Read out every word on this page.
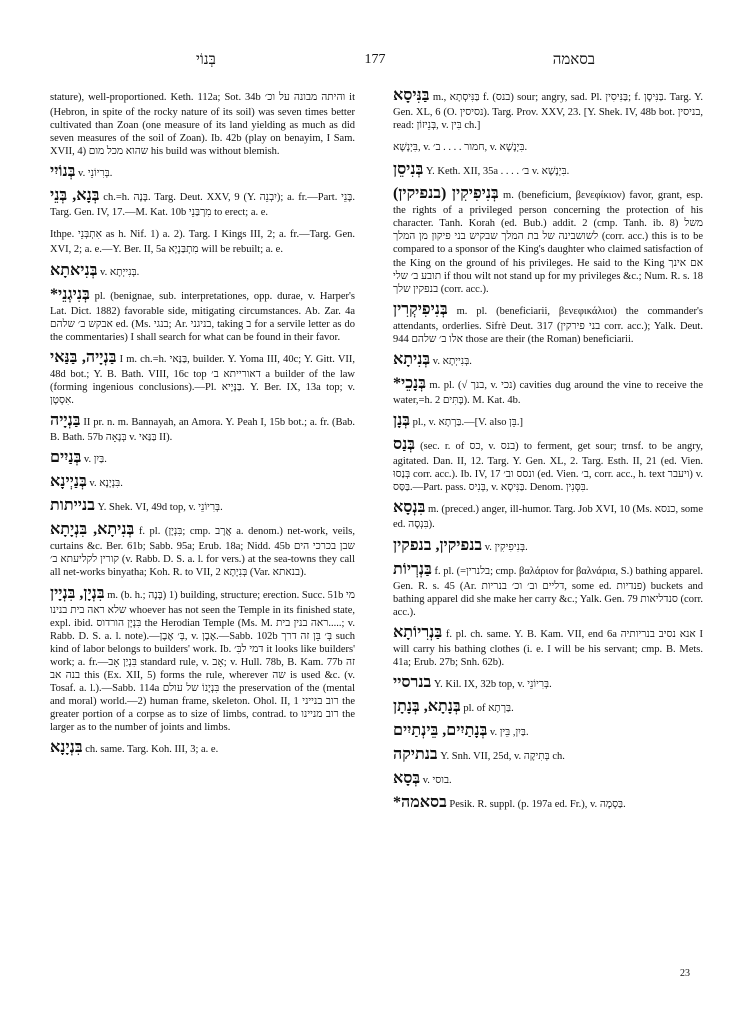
177
בְּנוֹי	בסאמה

stature), well-proportioned. Keth. 112a; Sot. 34b והיתה מבונה על וכ׳ it (Hebron, in spite of the rocky nature of its soil) was seven times better cultivated than Zoan (one measure of its land yielding as much as did seven measures of the soil of Zoan). Ib. 42b (play on benayim, I Sam. XVII, 4) שהוא מכל מום his build was without blemish.

בְּנוֹיִי v. בְּרִיוֹנֵי.

בְּנָא, בְּנֵי ch.=h. בָּנָה. Targ. Deut. XXV, 9 (Y. יִבְנֵה); a. fr.—Part. בָּנֵי. Targ. Gen. IV, 17.—M. Kat. 10b מִרְבַּנֵי to erect; a. e.

Ithpe. אִתְבְּנֵי as h. Nif. 1) a. 2). Targ. I Kings III, 2; a. fr.—Targ. Gen. XVI, 2; a. e.—Y. Ber. II, 5a מִתְבַּנְיָא will be rebuilt; a. e.

בְּנִיאתָא v. בְּנִייְתָא.

*בְּנִיגְנֵי pl. (benignae, sub. interpretationes, opp. durae, v. Harper's Lat. Dict. 1882) favorable side, mitigating circumstances. Ab. Zar. 4a אבקש ב׳ שלהם ed. (Ms. בנגי; Ar. בניגני, taking ב for a servile letter as do the commentaries) I shall search for what can be found in their favor.

בַּנְיָיה, בַּנַּאי I m. ch.=h. בַּנַּאי, builder. Y. Yoma III, 40c; Y. Gitt. VII, 48d bot.; Y. B. Bath. VIII, 16c top דאורייתא ב׳ a builder of the law (forming ingenious conclusions).—Pl. בַּנָּיָיא. Y. Ber. IX, 13a top; v. אִסְטָן.

בַּנְיָיה II pr. n. m. Bannayah, an Amora. Y. Peah I, 15b bot.; a. fr. (Bab. B. Bath. 57b בְּנָאָה v. בַּנַּאי II).

בְּנַיִים v. בַּיִן.

בְּנַיְינָא v. בִּנְיָנָא.

בנייתות Y. Shek. VI, 49d top, v. בְּרִיוֹנֵי.

בְּנִיתָא, בִּנְיָתָא f. pl. (בִּנְיָן; cmp. אֲרָב a. denom.) net-work, veils, curtains &c. Ber. 61b; Sabb. 95a; Erub. 18a; Nidd. 45b שבן בכרכי הים קורין לקליעתא ב׳ (v. Rabb. D. S. a. l. for vers.) at the sea-towns they call all net-works binyatha; Koh. R. to VII, 2 בְּנִיָתָא (Var. בנאתא).

בִּנְיָן, בִּנְיָין m. (b. h.; בָּנָה) 1) building, structure; erection. Succ. 51b מי שלא ראה בית בנינו whoever has not seen the Temple in its finished state, expl. ibid. בִּנְיָן הורדוס the Herodian Temple (Ms. M. ראה בנין בית.....; v. Rabb. D. S. a. l. note).—בְּ׳ אֶבֶן, v. אֶבֶן.—Sabb. 102b בְּ׳ בֵּן זה דרך such kind of labor belongs to builders' work. Ib. דמי לבִּ׳ it looks like builders' work; a. fr.—בִּנְיַן אָב standard rule, v. אָב; v. Hull. 78b, B. Kam. 77b זה בנה אב this (Ex. XII, 5) forms the rule, wherever שה is used &c. (v. Tosaf. a. l.).—Sabb. 114a בִּנְיָנוֹ של עולם the preservation of the (mental and moral) world.—2) human frame, skeleton. Ohol. II, 1 רוב בנייני the greater portion of a corpse as to size of limbs, contrad. to רוב מניינו the larger as to the number of joints and limbs.

בִּנְיָנָא ch. same. Targ. Koh. III, 3; a. e.

בַּנִּיסָא m., בַּנִּיסְתָא f. (בנס) sour; angry, sad. Pl. בַּנִּיסִין; f. בַּנִּיסָן. Targ. Y. Gen. XL, 6 (O. נסיסין). Targ. Prov. XXV, 23. [Y. Shek. IV, 48b bot. בניסין, read: בְּנֵיזוֹן, v. בִּין ch.]

בִּיְנָשָׁא, v. חמור . . . . ב׳, v. בִּיְנָשָׁא.

בְּנִיסֵן Y. Keth. XII, 35a . . . . ב׳ v. בִּיְנָשָׁא.

בְּנִיפִיקִין (בנפיקין) m. (beneficium, βενεφίκιον) favor, grant, esp. the rights of a privileged person concerning the protection of his character. Tanh. Korah (ed. Bub.) addit. 2 (cmp. Tanh. ib. 8) משל לשושבינה של בת המלך שבקיש בני פיקון מן המלך (corr. acc.) this is to be compared to a sponsor of the King's daughter who claimed satisfaction of the King on the ground of his privileges. He said to the King אם אינך תובע ב׳ שלי if thou wilt not stand up for my privileges &c.; Num. R. s. 18 בנפקין שלך (corr. acc.).

בְּנִיפִיקְרִין m. pl. (beneficiarii, βενεφικάλιοι) the commander's attendants, orderlies. Sifrè Deut. 317 (בני פירקין corr. acc.); Yalk. Deut. 944 אלו ב׳ שלהם those are their (the Roman) beneficiarii.

בְּנִיתָא v. בְּנִייְתָא.

*בְּנָכֵי m. pl. (√ בנך, v. נכי) cavities dug around the vine to receive the water,=h. בָּתִּים 2). M. Kat. 4b.

בְּנָן pl., v. בַּרְתָא.—[V. also בֵּן.]

בְּנַס (sec. r. of כס, v. בנס) to ferment, get sour; trnsf. to be angry, agitated. Dan. II, 12. Targ. Y. Gen. XL, 2. Targ. Esth. II, 21 (ed. Vien. בְּנַסוּ corr. acc.). Ib. IV, 17 ונסס וב׳ (ed. Vien. ב׳, corr. acc., h. text ויעבר) v. בַּסַּס.—Part. pass. בְּנִיס, v. בַּנִּיסָא. Denom. בִּסְּנִין.

בִּנְסָא m. (preced.) anger, ill-humor. Targ. Job XVI, 10 (Ms. כנסא, some ed. בִּנְסָה).

בנפיקין, בנפקין v. בְּנִיפִיקִין.

בַּנְרְיוֹת f. pl. (=בלנרין; cmp. βαλάριον for βαλνάρια, S.) bathing apparel. Gen. R. s. 45 (Ar. דליים וב׳ וכ׳ בנריות, some ed. פנדיות) buckets and bathing apparel did she make her carry &c.; Yalk. Gen. 79 סנדליאות (corr. acc.).

בַּנְרִיוֹתָא f. pl. ch. same. Y. B. Kam. VII, end 6a אנא נסיב בנריותיה I will carry his bathing clothes (i. e. I will be his servant; cmp. B. Mets. 41a; Erub. 27b; Snh. 62b).

בנרסיי Y. Kil. IX, 32b top, v. בְּרִיוֹנֵי.

בְּנָתָא, בְּנָתָן pl. of בַּרְתָא.

בְּנָתַיִים, בֵּינְתַיִים v. בַּיִן, בֵּין.

בנתיקה Y. Snh. VII, 25d, v. בְּתִיקָה ch.

בְּסָא v. בוסי.

*בסאמה Pesik. R. suppl. (p. 197a ed. Fr.), v. בַּסְמָה.

23
